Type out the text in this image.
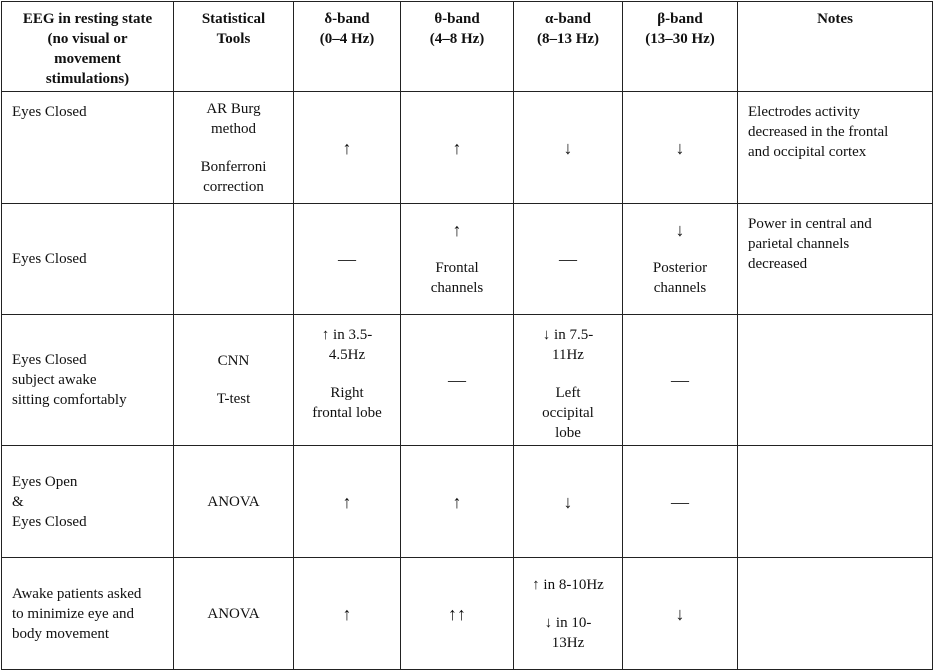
EEG in resting state
(no visual or
movement
stimulations)	Statistical
Tools	δ-band
(0–4 Hz)	θ-band
(4–8 Hz)	α-band
(8–13 Hz)	β-band
(13–30 Hz)	Notes

Eyes Closed	AR Burg
method
Bonferroni
correction	↑	↑	↓	↓	Electrodes activity
decreased in the frontal
and occipital cortex

Eyes Closed		—	↑
Frontal
channels	—	↓
Posterior
channels	Power in central and
parietal channels
decreased

Eyes Closed
subject awake
sitting comfortably	CNN
T-test	↑ in 3.5-
4.5Hz
Right
frontal lobe	—	↓ in 7.5-
11Hz
Left
occipital
lobe	—	

Eyes Open
&
Eyes Closed	ANOVA	↑	↑	↓	—	

Awake patients asked
to minimize eye and
body movement	ANOVA	↑	↑↑	↑ in 8-10Hz
↓ in 10-
13Hz	↓	
